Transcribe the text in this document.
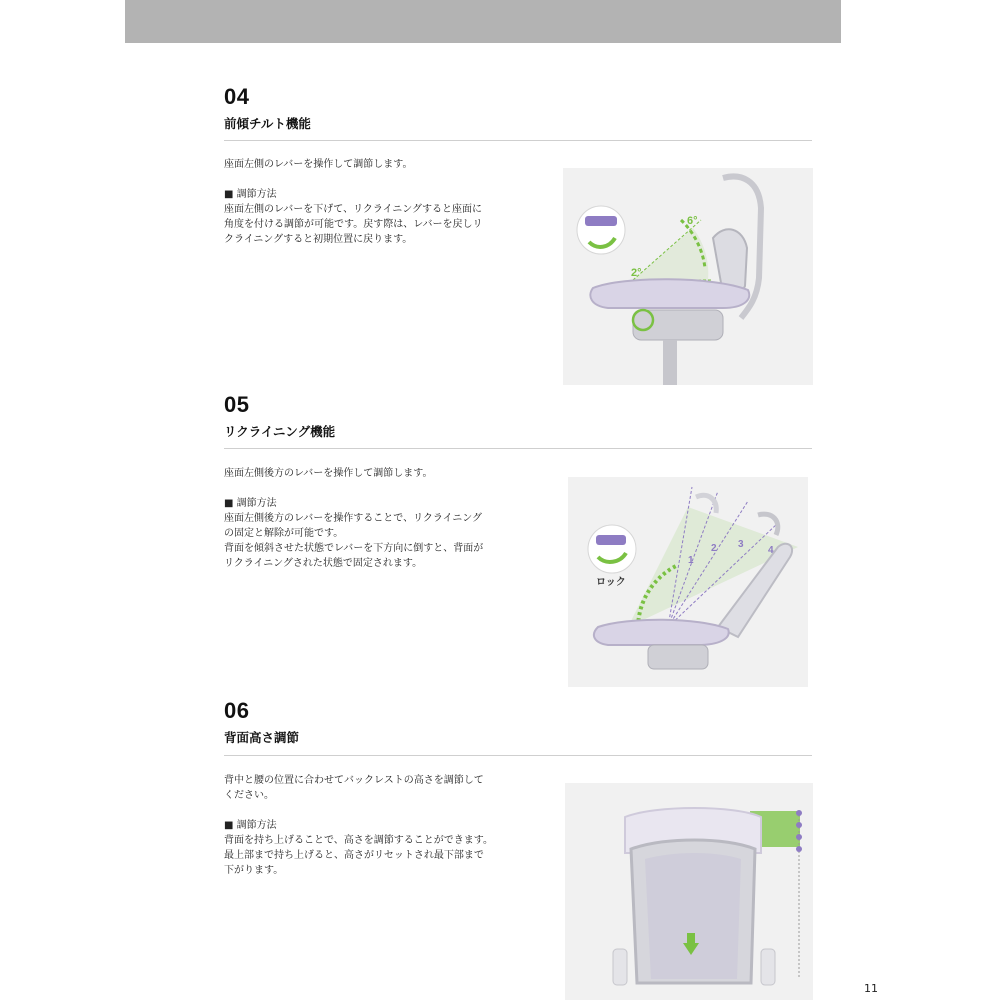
04
前傾チルト機能
座面左側のレバーを操作して調節します。

■ 調節方法
座面左側のレバーを下げて、リクライニングすると座面に
角度を付ける調節が可能です。戻す際は、レバーを戻しリ
クライニングすると初期位置に戻ります。
6°
2°
05
リクライニング機能
座面左側後方のレバーを操作して調節します。

■ 調節方法
座面左側後方のレバーを操作することで、リクライニング
の固定と解除が可能です。
背面を傾斜させた状態でレバーを下方向に倒すと、背面が
リクライニングされた状態で固定されます。	1
2 3
4
ロック
06
背面高さ調節
背中と腰の位置に合わせてバックレストの高さを調節して
ください。

■ 調節方法
背面を持ち上げることで、高さを調節することができます。
最上部まで持ち上げると、高さがリセットされ最下部まで
下がります。
11
